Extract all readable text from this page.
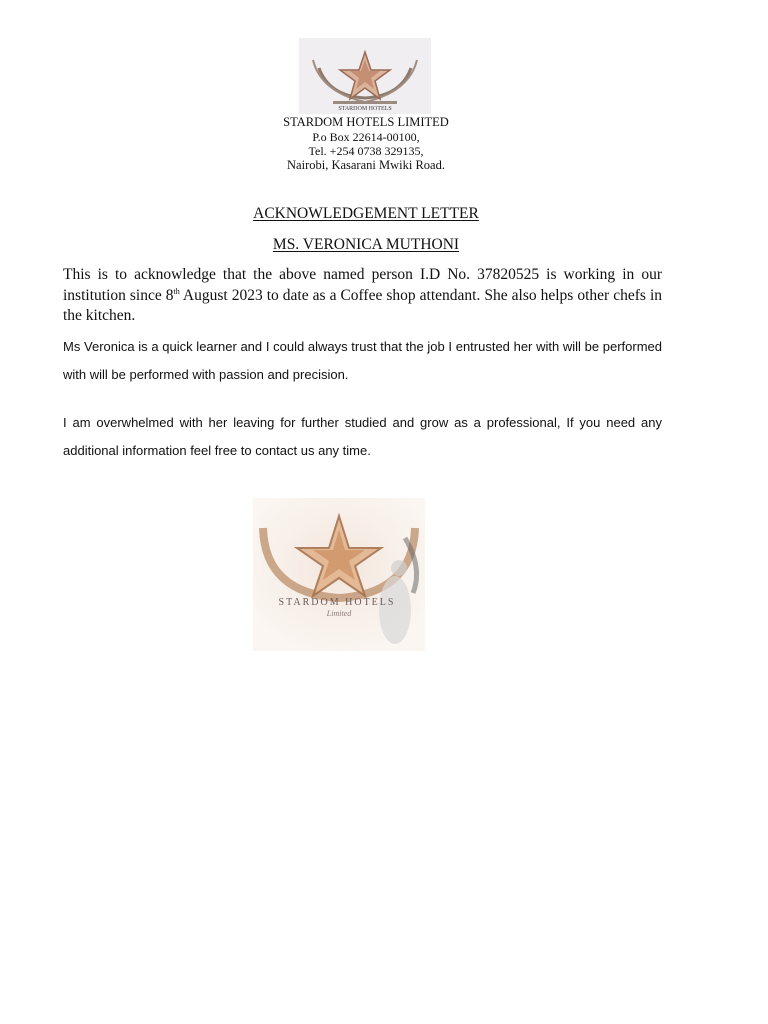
STARDOM HOTELS
STARDOM HOTELS LIMITED
P.o Box 22614-00100,
Tel. +254 0738 329135,
Nairobi, Kasarani Mwiki Road.
ACKNOWLEDGEMENT LETTER
MS. VERONICA MUTHONI
This is to acknowledge that the above named person I.D No. 37820525 is working in our institution since 8th August 2023 to date as a Coffee shop attendant. She also helps other chefs in the kitchen.
Ms Veronica is a quick learner and I could always trust that the job I entrusted her with will be performed with will be performed with passion and precision.
I am overwhelmed with her leaving for further studied and grow as a professional, If you need any additional information feel free to contact us any time.
STARDOM HOTELS
Limited
